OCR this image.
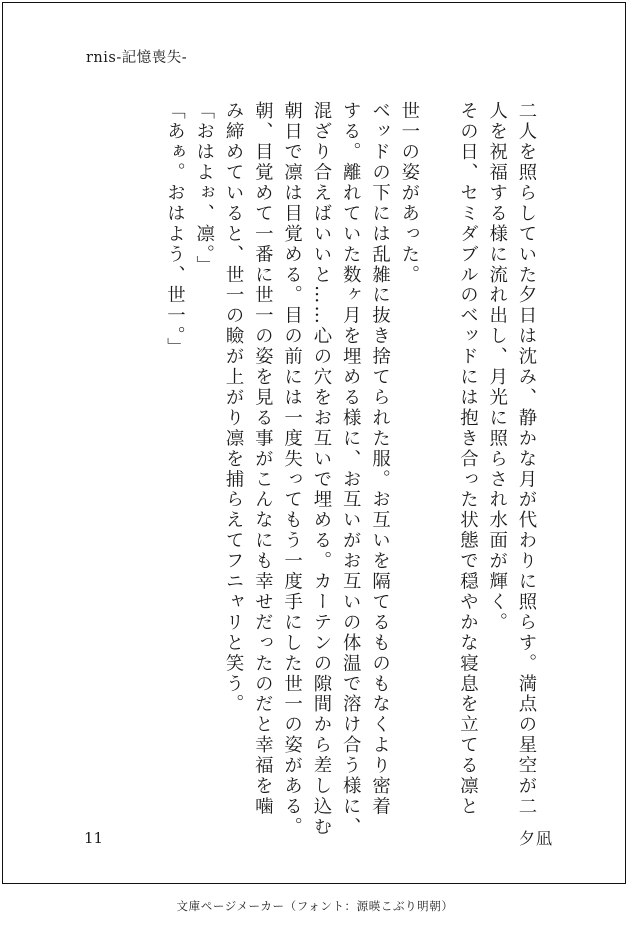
rnis-記憶喪失-

二人を照らしていた夕日は沈み、静かな月が代わりに照らす。満点の星空が二

人を祝福する様に流れ出し、月光に照らされ水面が輝く。

その日、セミダブルのベッドには抱き合った状態で穏やかな寝息を立てる凛と

世一の姿があった。

ベッドの下には乱雑に抜き捨てられた服。お互いを隔てるものもなくより密着

する。離れていた数ヶ月を埋める様に、お互いがお互いの体温で溶け合う様に、

混ざり合えばいいと……心の穴をお互いで埋める。カーテンの隙間から差し込む

朝日で凛は目覚める。目の前には一度失ってもう一度手にした世一の姿がある。

朝、目覚めて一番に世一の姿を見る事がこんなにも幸せだったのだと幸福を噛

み締めていると、世一の瞼が上がり凛を捕らえてフニャリと笑う。

「おはよぉ、凛。」

「あぁ。おはよう、世一。」

11	夕凪
文庫ページメーカー（フォント：源暎こぶり明朝）
